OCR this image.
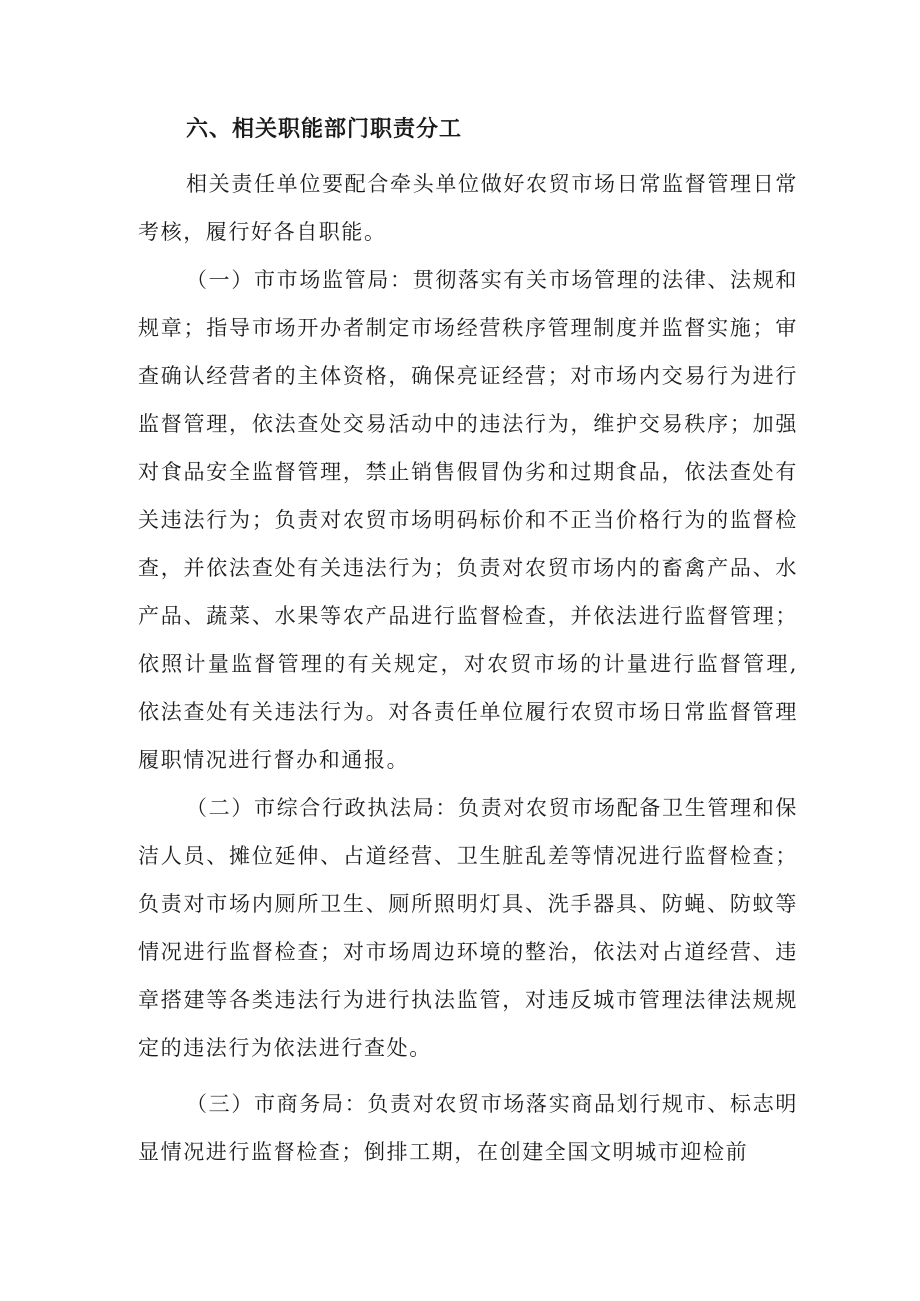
六、相关职能部门职责分工

相关责任单位要配合牵头单位做好农贸市场日常监督管理日常考核，履行好各自职能。

（一）市市场监管局：贯彻落实有关市场管理的法律、法规和规章；指导市场开办者制定市场经营秩序管理制度并监督实施；审查确认经营者的主体资格，确保亮证经营；对市场内交易行为进行监督管理，依法查处交易活动中的违法行为，维护交易秩序；加强对食品安全监督管理，禁止销售假冒伪劣和过期食品，依法查处有关违法行为；负责对农贸市场明码标价和不正当价格行为的监督检查，并依法查处有关违法行为；负责对农贸市场内的畜禽产品、水产品、蔬菜、水果等农产品进行监督检查，并依法进行监督管理；依照计量监督管理的有关规定，对农贸市场的计量进行监督管理,依法查处有关违法行为。对各责任单位履行农贸市场日常监督管理履职情况进行督办和通报。

（二）市综合行政执法局：负责对农贸市场配备卫生管理和保洁人员、摊位延伸、占道经营、卫生脏乱差等情况进行监督检查；负责对市场内厕所卫生、厕所照明灯具、洗手器具、防蝇、防蚊等情况进行监督检查；对市场周边环境的整治，依法对占道经营、违章搭建等各类违法行为进行执法监管，对违反城市管理法律法规规定的违法行为依法进行查处。

（三）市商务局：负责对农贸市场落实商品划行规市、标志明显情况进行监督检查；倒排工期，在创建全国文明城市迎检前
